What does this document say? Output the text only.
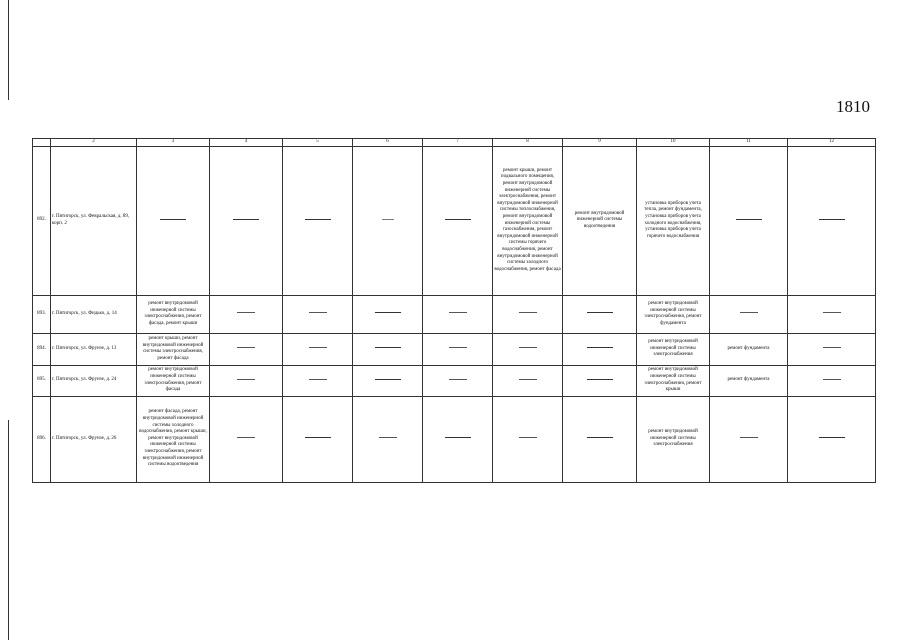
1810
	2	3	4	5	6	7	8	9	10	11	12
892.	г. Пятигорск, ул. Февральская, д. 89, корп. 2						ремонт крыши, ремонт подвального помещения, ремонт внутридомовой инженерной системы электроснабжения, ремонт внутридомовой инженерной системы теплоснабжения, ремонт внутридомовой инженерной системы газоснабжения, ремонт внутридомовой инженерной системы горячего водоснабжения, ремонт внутридомовой инженерной системы холодного водоснабжения, ремонт фасада	ремонт внутридомовой инженерной системы водоотведения	установка приборов учета тепла, ремонт фундамента, установка приборов учета холодного водоснабжения, установка приборов учета горячего водоснабжения		
893.	г. Пятигорск, ул. Фидько, д. 14	ремонт внутридомовой инженерной системы электроснабжения, ремонт фасада, ремонт крыши							ремонт внутридомовой инженерной системы электроснабжения, ремонт фундамента		
894.	г. Пятигорск, ул. Фрунзе, д. 13	ремонт крыши, ремонт внутридомовой инженерной системы электроснабжения, ремонт фасада							ремонт внутридомовой инженерной системы электроснабжения	ремонт фундамента	
895.	г. Пятигорск, ул. Фрунзе, д. 24	ремонт внутридомовой инженерной системы электроснабжения, ремонт фасада							ремонт внутридомовой инженерной системы электроснабжения, ремонт крыши	ремонт фундамента	
896.	г. Пятигорск, ул. Фрунзе, д. 26	ремонт фасада, ремонт внутридомовой инженерной системы холодного водоснабжения, ремонт крыши, ремонт внутридомовой инженерной системы электроснабжения, ремонт внутридомовой инженерной системы водоотведения							ремонт внутридомовой инженерной системы электроснабжения		
